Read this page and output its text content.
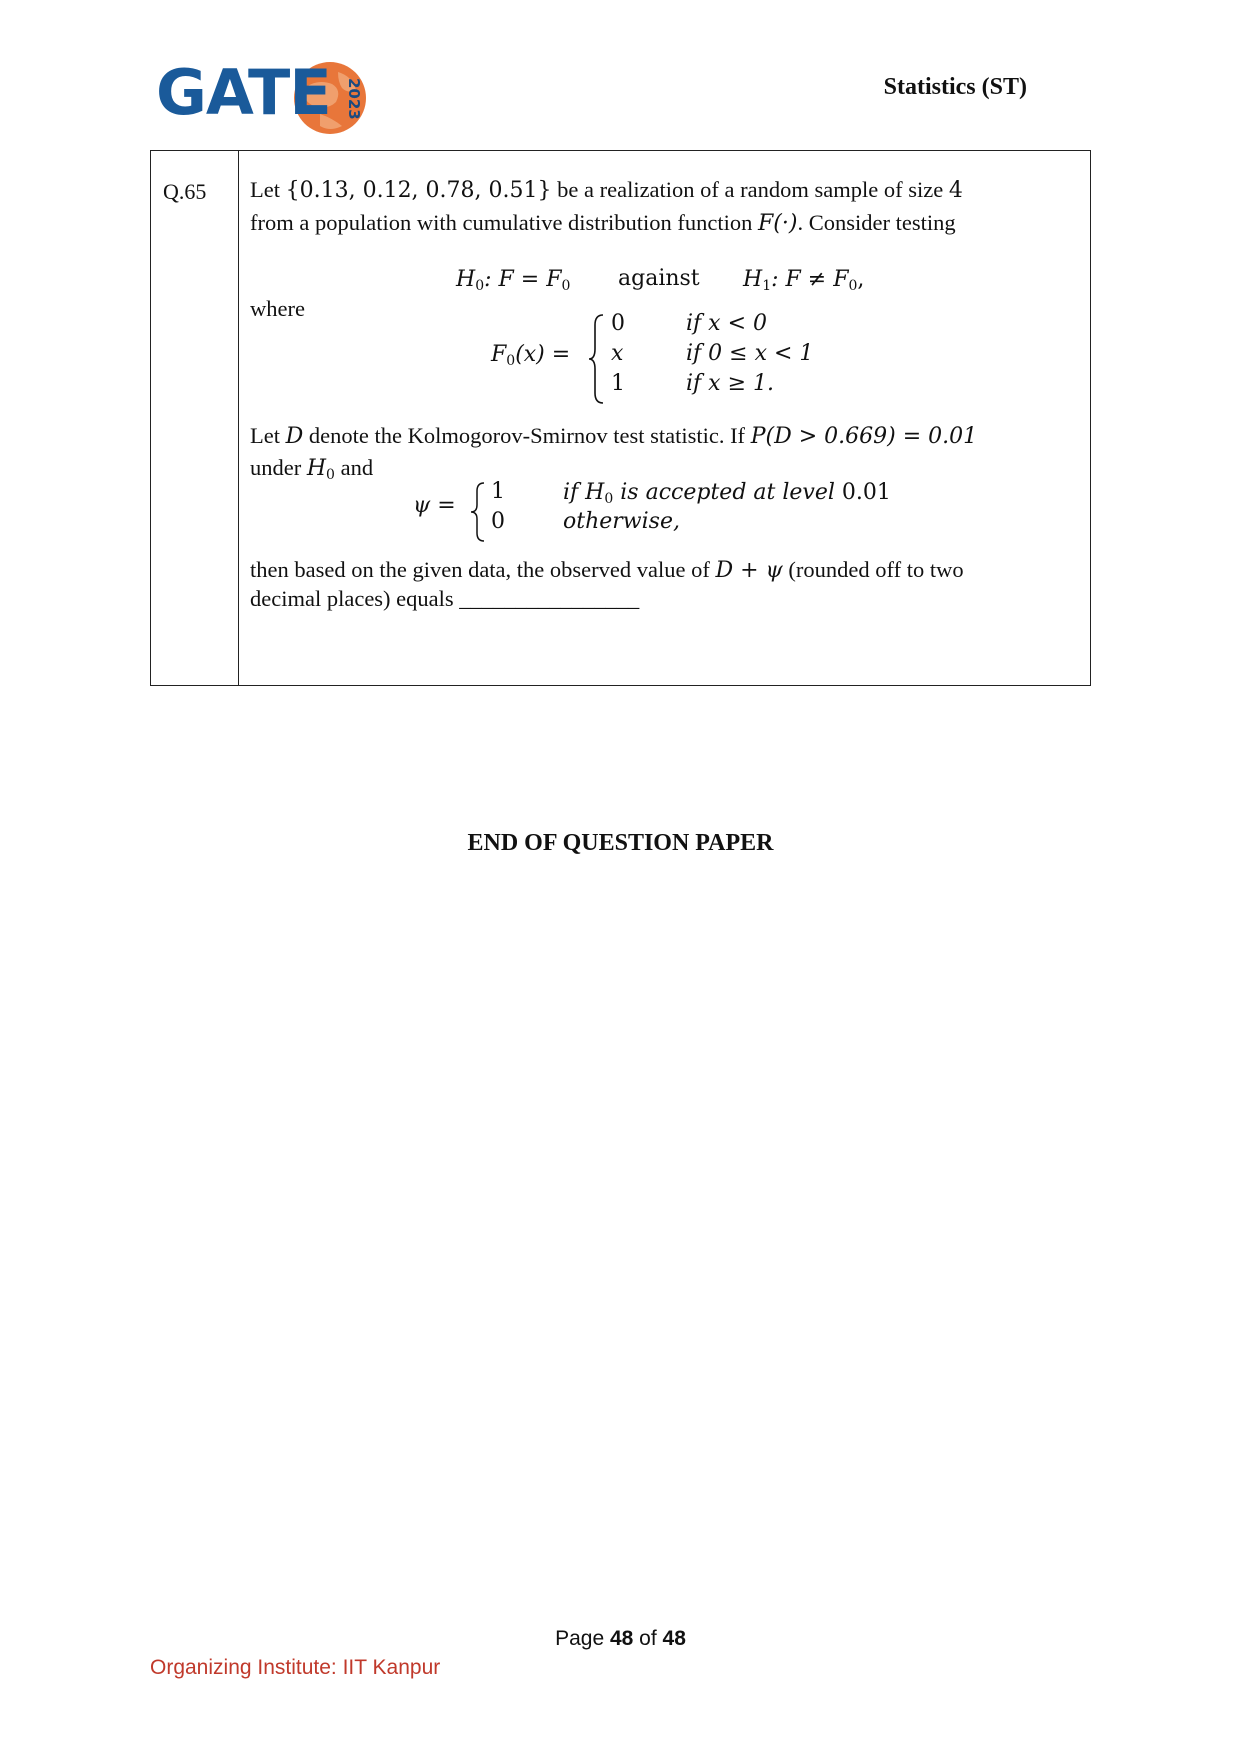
GATE 2023	Statistics (ST)
Q.65 Let {0.13, 0.12, 0.78, 0.51} be a realization of a random sample of size 4
from a population with cumulative distribution function F(·). Consider testing
$H_0$: $F = F_0$ against $H_1$: $F \ne F_0$,
where
$F_0(x)$ =
0	if x < 0
x	if 0 ≤ x < 1
1	if x ≥ 1.
Let D denote the Kolmogorov-Smirnov test statistic. If P(D > 0.669) = 0.01
under $H_0$ and
ψ =
1	if $H_0$ is accepted at level 0.01
0	otherwise,
then based on the given data, the observed value of D + ψ (rounded off to two
decimal places) equals ________________
END OF QUESTION PAPER
Page 48 of 48
Organizing Institute: IIT Kanpur
